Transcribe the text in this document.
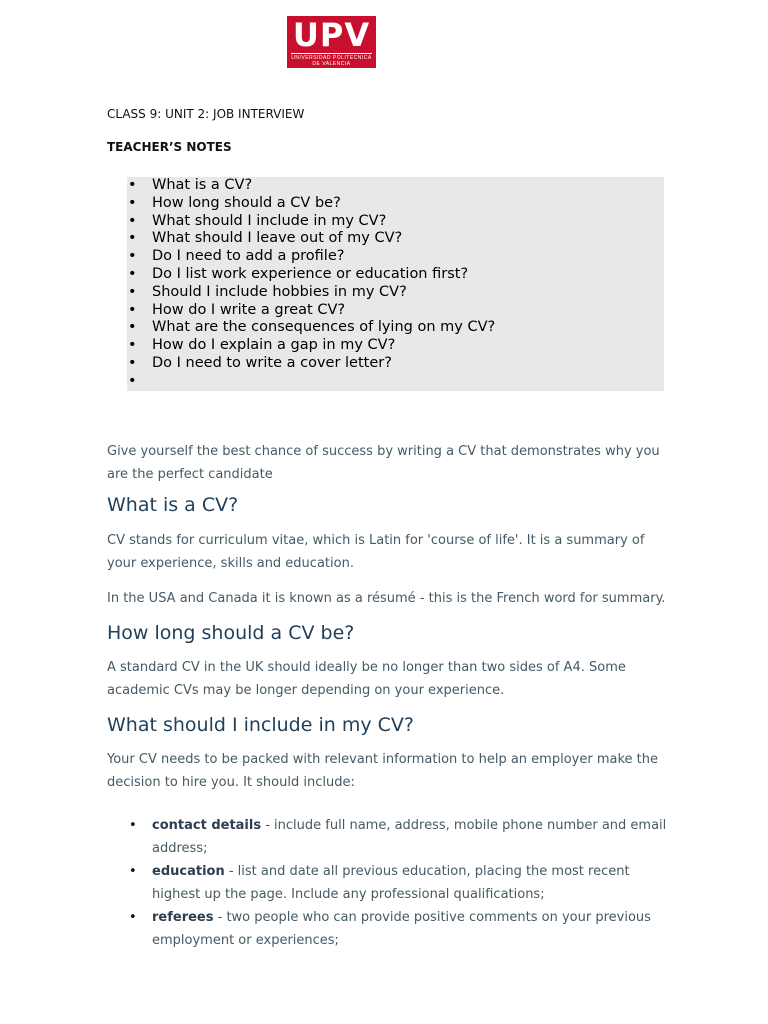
UPV
UNIVERSIDAD POLITECNICA DE VALENCIA
CLASS 9: UNIT 2: JOB INTERVIEW
TEACHER’S NOTES
• What is a CV?
• How long should a CV be?
• What should I include in my CV?
• What should I leave out of my CV?
• Do I need to add a profile?
• Do I list work experience or education first?
• Should I include hobbies in my CV?
• How do I write a great CV?
• What are the consequences of lying on my CV?
• How do I explain a gap in my CV?
• Do I need to write a cover letter?
•
Give yourself the best chance of success by writing a CV that demonstrates why you are the perfect candidate
What is a CV?
CV stands for curriculum vitae, which is Latin for 'course of life'. It is a summary of your experience, skills and education.
In the USA and Canada it is known as a résumé - this is the French word for summary.
How long should a CV be?
A standard CV in the UK should ideally be no longer than two sides of A4. Some academic CVs may be longer depending on your experience.
What should I include in my CV?
Your CV needs to be packed with relevant information to help an employer make the decision to hire you. It should include:
• contact details - include full name, address, mobile phone number and email address;
• education - list and date all previous education, placing the most recent highest up the page. Include any professional qualifications;
• referees - two people who can provide positive comments on your previous employment or experiences;
